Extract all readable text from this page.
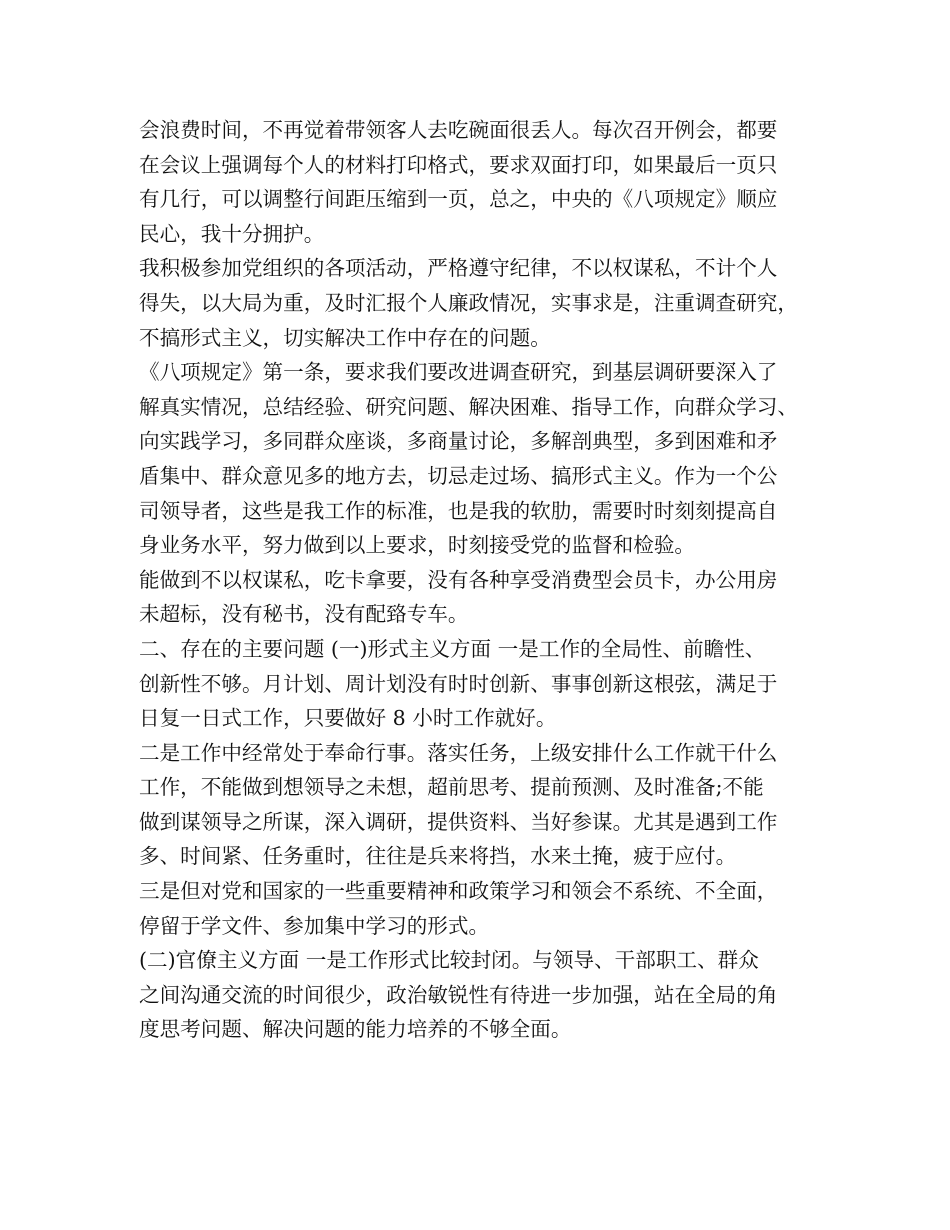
会浪费时间，不再觉着带领客人去吃碗面很丢人。每次召开例会，都要
在会议上强调每个人的材料打印格式，要求双面打印，如果最后一页只
有几行，可以调整行间距压缩到一页，总之，中央的《八项规定》顺应
民心，我十分拥护。
我积极参加党组织的各项活动，严格遵守纪律，不以权谋私，不计个人
得失，以大局为重，及时汇报个人廉政情况，实事求是，注重调查研究，
不搞形式主义，切实解决工作中存在的问题。
《八项规定》第一条，要求我们要改进调查研究，到基层调研要深入了
解真实情况，总结经验、研究问题、解决困难、指导工作，向群众学习、
向实践学习，多同群众座谈，多商量讨论，多解剖典型，多到困难和矛
盾集中、群众意见多的地方去，切忌走过场、搞形式主义。作为一个公
司领导者，这些是我工作的标准，也是我的软肋，需要时时刻刻提高自
身业务水平，努力做到以上要求，时刻接受党的监督和检验。
能做到不以权谋私，吃卡拿要，没有各种享受消费型会员卡，办公用房
未超标，没有秘书，没有配臵专车。
二、存在的主要问题 (一)形式主义方面 一是工作的全局性、前瞻性、
创新性不够。月计划、周计划没有时时创新、事事创新这根弦，满足于
日复一日式工作，只要做好 8 小时工作就好。
二是工作中经常处于奉命行事。落实任务，上级安排什么工作就干什么
工作，不能做到想领导之未想，超前思考、提前预测、及时准备;不能
做到谋领导之所谋，深入调研，提供资料、当好参谋。尤其是遇到工作
多、时间紧、任务重时，往往是兵来将挡，水来土掩，疲于应付。
三是但对党和国家的一些重要精神和政策学习和领会不系统、不全面，
停留于学文件、参加集中学习的形式。
(二)官僚主义方面 一是工作形式比较封闭。与领导、干部职工、群众
之间沟通交流的时间很少，政治敏锐性有待进一步加强，站在全局的角
度思考问题、解决问题的能力培养的不够全面。
